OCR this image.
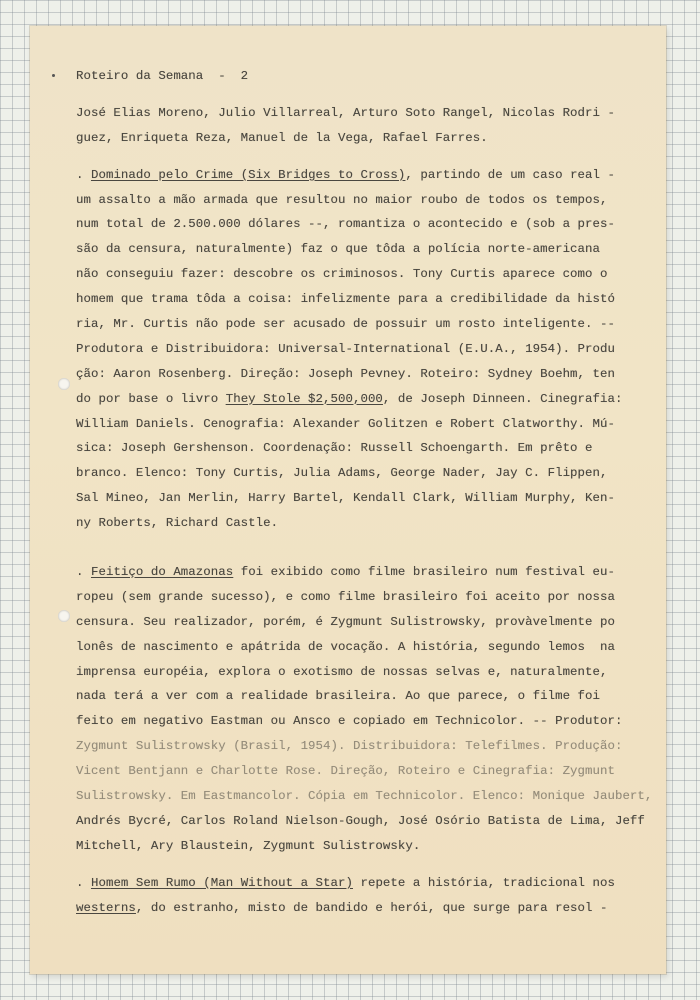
Roteiro da Semana  -  2
José Elias Moreno, Julio Villarreal, Arturo Soto Rangel, Nicolas Rodri -
guez, Enriqueta Reza, Manuel de la Vega, Rafael Farres.
. Dominado pelo Crime (Six Bridges to Cross), partindo de um caso real -
um assalto a mão armada que resultou no maior roubo de todos os tempos,
num total de 2.500.000 dólares --, romantiza o acontecido e (sob a pres-
são da censura, naturalmente) faz o que tôda a polícia norte-americana
não conseguiu fazer: descobre os criminosos. Tony Curtis aparece como o
homem que trama tôda a coisa: infelizmente para a credibilidade da histó
ria, Mr. Curtis não pode ser acusado de possuir um rosto inteligente. --
Produtora e Distribuidora: Universal-International (E.U.A., 1954). Produ
ção: Aaron Rosenberg. Direção: Joseph Pevney. Roteiro: Sydney Boehm, ten
do por base o livro They Stole $2,500,000, de Joseph Dinneen. Cinegrafia:
William Daniels. Cenografia: Alexander Golitzen e Robert Clatworthy. Mú-
sica: Joseph Gershenson. Coordenação: Russell Schoengarth. Em prêto e
branco. Elenco: Tony Curtis, Julia Adams, George Nader, Jay C. Flippen,
Sal Mineo, Jan Merlin, Harry Bartel, Kendall Clark, William Murphy, Ken-
ny Roberts, Richard Castle.
. Feitiço do Amazonas foi exibido como filme brasileiro num festival eu-
ropeu (sem grande sucesso), e como filme brasileiro foi aceito por nossa
censura. Seu realizador, porém, é Zygmunt Sulistrowsky, provàvelmente po
lonês de nascimento e apátrida de vocação. A história, segundo lemos  na
imprensa européia, explora o exotismo de nossas selvas e, naturalmente,
nada terá a ver com a realidade brasileira. Ao que parece, o filme foi
feito em negativo Eastman ou Ansco e copiado em Technicolor. -- Produtor:
Zygmunt Sulistrowsky (Brasil, 1954). Distribuidora: Telefilmes. Produção:
Vicent Bentjann e Charlotte Rose. Direção, Roteiro e Cinegrafia: Zygmunt
Sulistrowsky. Em Eastmancolor. Cópia em Technicolor. Elenco: Monique Jaubert,
Andrés Bycré, Carlos Roland Nielson-Gough, José Osório Batista de Lima, Jeff
Mitchell, Ary Blaustein, Zygmunt Sulistrowsky.
. Homem Sem Rumo (Man Without a Star) repete a história, tradicional nos
westerns, do estranho, misto de bandido e herói, que surge para resol -
